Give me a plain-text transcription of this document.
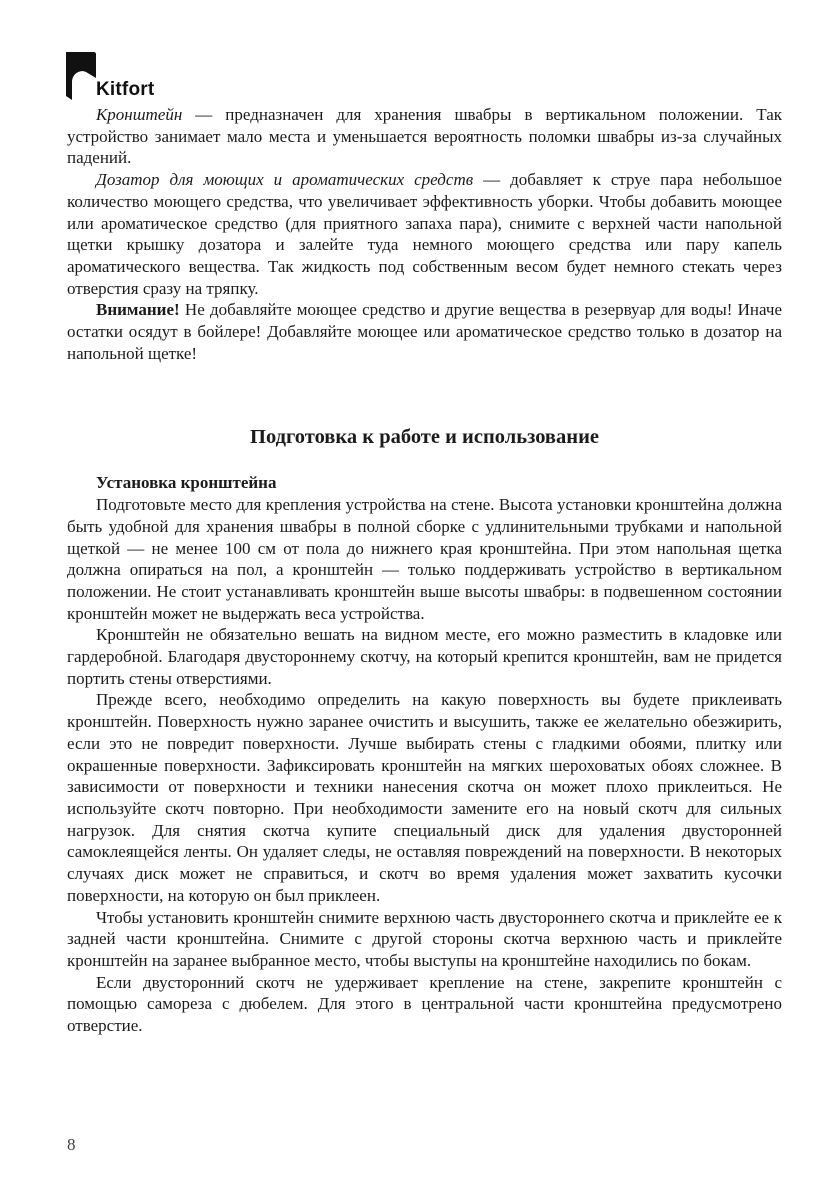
Kitfort

Кронштейн — предназначен для хранения швабры в вертикальном положении. Так устройство занимает мало места и уменьшается вероятность поломки швабры из-за случайных падений.

Дозатор для моющих и ароматических средств — добавляет к струе пара небольшое количество моющего средства, что увеличивает эффективность уборки. Чтобы добавить моющее или ароматическое средство (для приятного запаха пара), снимите с верхней части напольной щетки крышку дозатора и залейте туда немного моющего средства или пару капель ароматического вещества. Так жидкость под собственным весом будет немного стекать через отверстия сразу на тряпку.

Внимание! Не добавляйте моющее средство и другие вещества в резервуар для воды! Иначе остатки осядут в бойлере! Добавляйте моющее или ароматическое средство только в дозатор на напольной щетке!

Подготовка к работе и использование
Установка кронштейна

Подготовьте место для крепления устройства на стене. Высота установки кронштейна должна быть удобной для хранения швабры в полной сборке с удлинительными трубками и напольной щеткой — не менее 100 см от пола до нижнего края кронштейна. При этом напольная щетка должна опираться на пол, а кронштейн — только поддерживать устройство в вертикальном положении. Не стоит устанавливать кронштейн выше высоты швабры: в подвешенном состоянии кронштейн может не выдержать веса устройства.

Кронштейн не обязательно вешать на видном месте, его можно разместить в кладовке или гардеробной. Благодаря двустороннему скотчу, на который крепится кронштейн, вам не придется портить стены отверстиями.

Прежде всего, необходимо определить на какую поверхность вы будете приклеивать кронштейн. Поверхность нужно заранее очистить и высушить, также ее желательно обезжирить, если это не повредит поверхности. Лучше выбирать стены с гладкими обоями, плитку или окрашенные поверхности. Зафиксировать кронштейн на мягких шероховатых обоях сложнее. В зависимости от поверхности и техники нанесения скотча он может плохо приклеиться. Не используйте скотч повторно. При необходимости замените его на новый скотч для сильных нагрузок. Для снятия скотча купите специальный диск для удаления двусторонней самоклеящейся ленты. Он удаляет следы, не оставляя повреждений на поверхности. В некоторых случаях диск может не справиться, и скотч во время удаления может захватить кусочки поверхности, на которую он был приклеен.

Чтобы установить кронштейн снимите верхнюю часть двустороннего скотча и приклейте ее к задней части кронштейна. Снимите с другой стороны скотча верхнюю часть и приклейте кронштейн на заранее выбранное место, чтобы выступы на кронштейне находились по бокам.

Если двусторонний скотч не удерживает крепление на стене, закрепите кронштейн с помощью самореза с дюбелем. Для этого в центральной части кронштейна предусмотрено отверстие.

8
